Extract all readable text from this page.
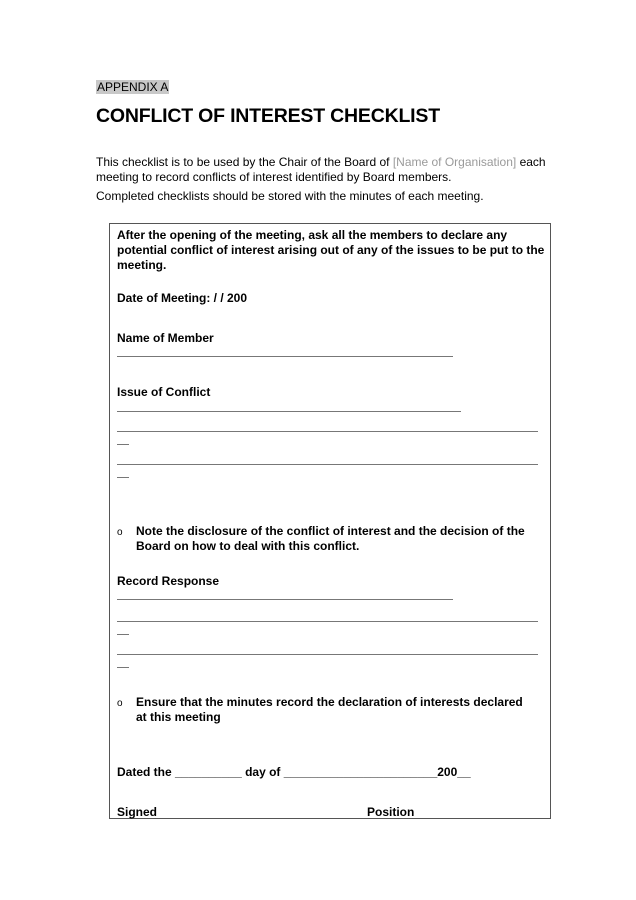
APPENDIX A
CONFLICT OF INTEREST CHECKLIST

This checklist is to be used by the Chair of the Board of [Name of Organisation] each meeting to record conflicts of interest identified by Board members.

Completed checklists should be stored with the minutes of each meeting.

After the opening of the meeting, ask all the members to declare any potential conflict of interest arising out of any of the issues to be put to the meeting.
Date of Meeting: / / 200
Name of Member
Issue of Conflict
o Note the disclosure of the conflict of interest and the decision of the Board on how to deal with this conflict.
Record Response
o Ensure that the minutes record the declaration of interests declared at this meeting
Dated the __________ day of _______________________200__
Signed	Position
